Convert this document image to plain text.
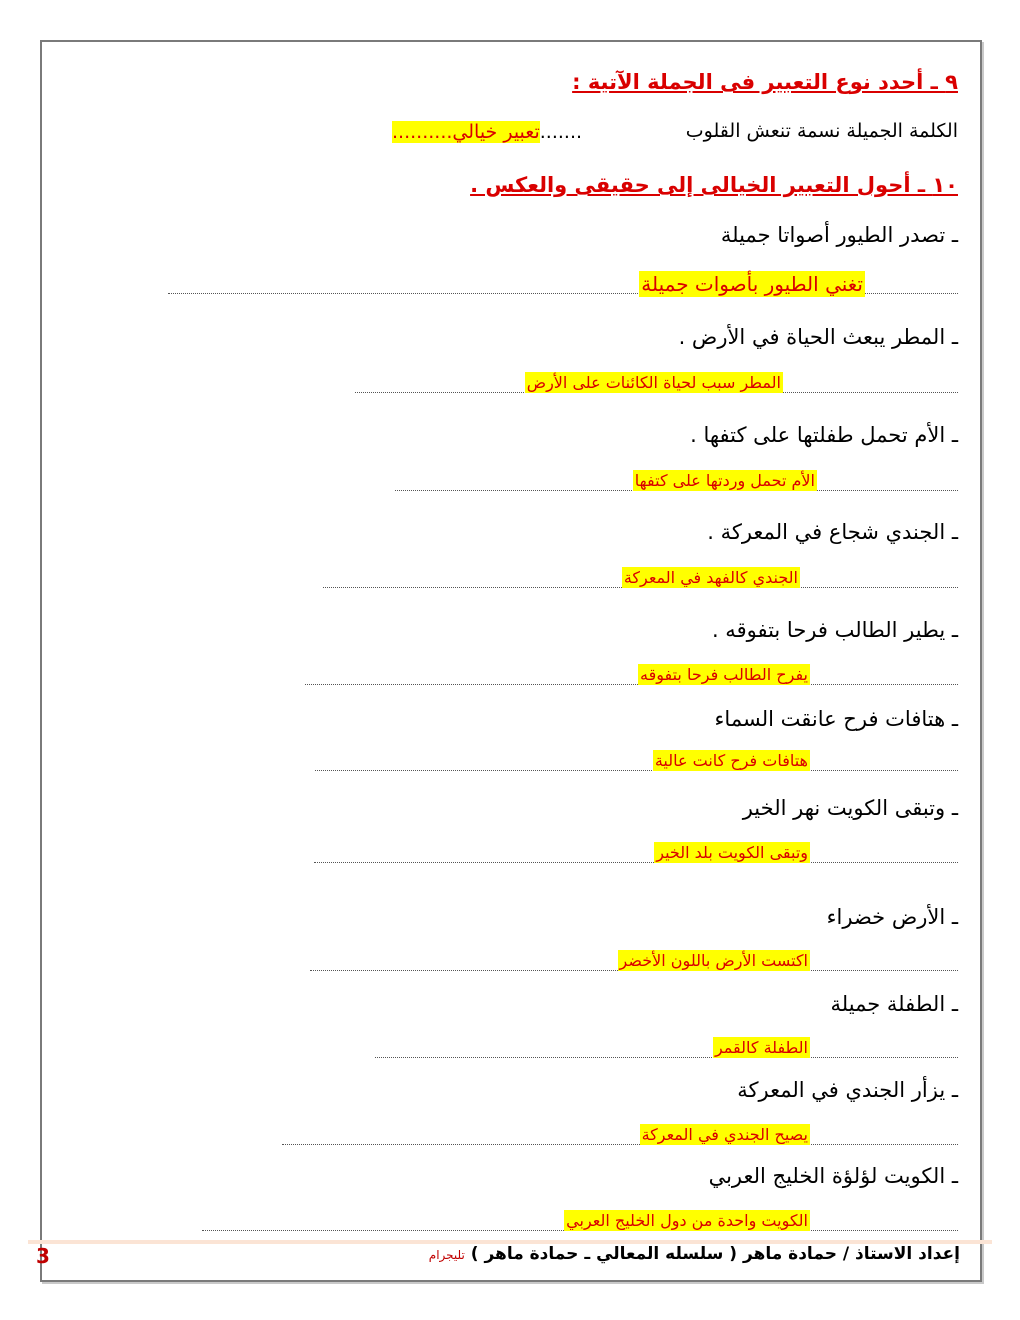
٩ ـ أحدد نوع التعبير فى الجملة الآتية :
الكلمة الجميلة نسمة تنعش القلوب
..........تعبير خيالي.......
١٠ ـ أحول التعبير الخيالى إلى حقيقى والعكس .
ـ تصدر الطيور أصواتا جميلة
تغني الطيور بأصوات جميلة
ـ المطر يبعث الحياة في الأرض .
المطر سبب لحياة الكائنات على الأرض
ـ الأم تحمل طفلتها على كتفها .
الأم تحمل وردتها على كتفها
ـ الجندي شجاع في المعركة .
الجندي كالفهد في المعركة
ـ يطير الطالب فرحا بتفوقه .
يفرح الطالب فرحا بتفوقه
ـ هتافات فرح عانقت السماء
هتافات فرح كانت عالية
ـ وتبقى الكويت نهر الخير
وتبقى الكويت بلد الخير
ـ الأرض خضراء
اكتست الأرض باللون الأخضر
ـ الطفلة جميلة
الطفلة كالقمر
ـ يزأر الجندي في المعركة
يصيح الجندي في المعركة
ـ الكويت لؤلؤة الخليج العربي
الكويت واحدة من دول الخليج العربي
إعداد الاستاذ / حمادة ماهر ( سلسله المعالي ـ حمادة ماهر ) تليجرام
3
